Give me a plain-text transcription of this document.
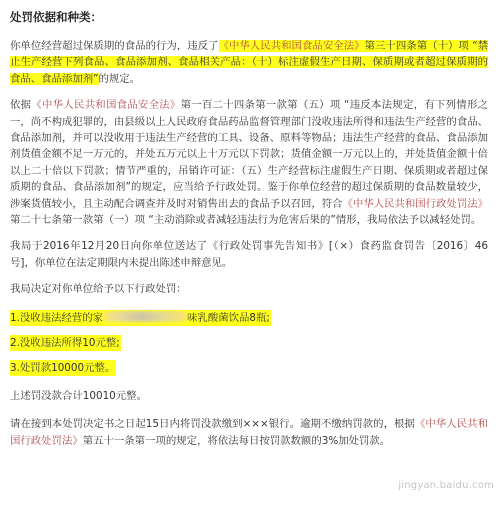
处罚依据和种类：
你单位经营超过保质期的食品的行为，违反了《中华人民共和国食品安全法》第三十四条第（十）项 “禁止生产经营下列食品、食品添加剂、食品相关产品：（十）标注虚假生产日期、保质期或者超过保质期的食品、食品添加剂”的规定。
依据《中华人民共和国食品安全法》第一百二十四条第一款第（五）项 “违反本法规定，有下列情形之一，尚不构成犯罪的，由县级以上人民政府食品药品监督管理部门没收违法所得和违法生产经营的食品、食品添加剂，并可以没收用于违法生产经营的工具、设备、原料等物品；违法生产经营的食品、食品添加剂货值金额不足一万元的，并处五万元以上十万元以下罚款；货值金额一万元以上的，并处货值金额十倍以上二十倍以下罚款；情节严重的，吊销许可证：（五）生产经营标注虚假生产日期、保质期或者超过保质期的食品、食品添加剂”的规定，应当给予行政处罚。鉴于你单位经营的超过保质期的食品数量较少，涉案货值较小，且主动配合调查并及时对销售出去的食品予以召回，符合《中华人民共和国行政处罚法》第二十七条第一款第（一）项 “主动消除或者减轻违法行为危害后果的”情形，我局依法予以减轻处罚。
我局于2016年12月20日向你单位送达了《行政处罚事先告知书》[（×）食药监食罚告〔2016〕46号]，你单位在法定期限内未提出陈述申辩意见。
我局决定对你单位给予以下行政处罚：
1.没收违法经营的家	味乳酸菌饮品8瓶;
2.没收违法所得10元整;
3.处罚款10000元整。
上述罚没款合计10010元整。
请在接到本处罚决定书之日起15日内将罚没款缴到×××银行。逾期不缴纳罚款的，根据《中华人民共和国行政处罚法》第五十一条第一项的规定，将依法每日按罚款数额的3%加处罚款。
jingyan.baidu.com
